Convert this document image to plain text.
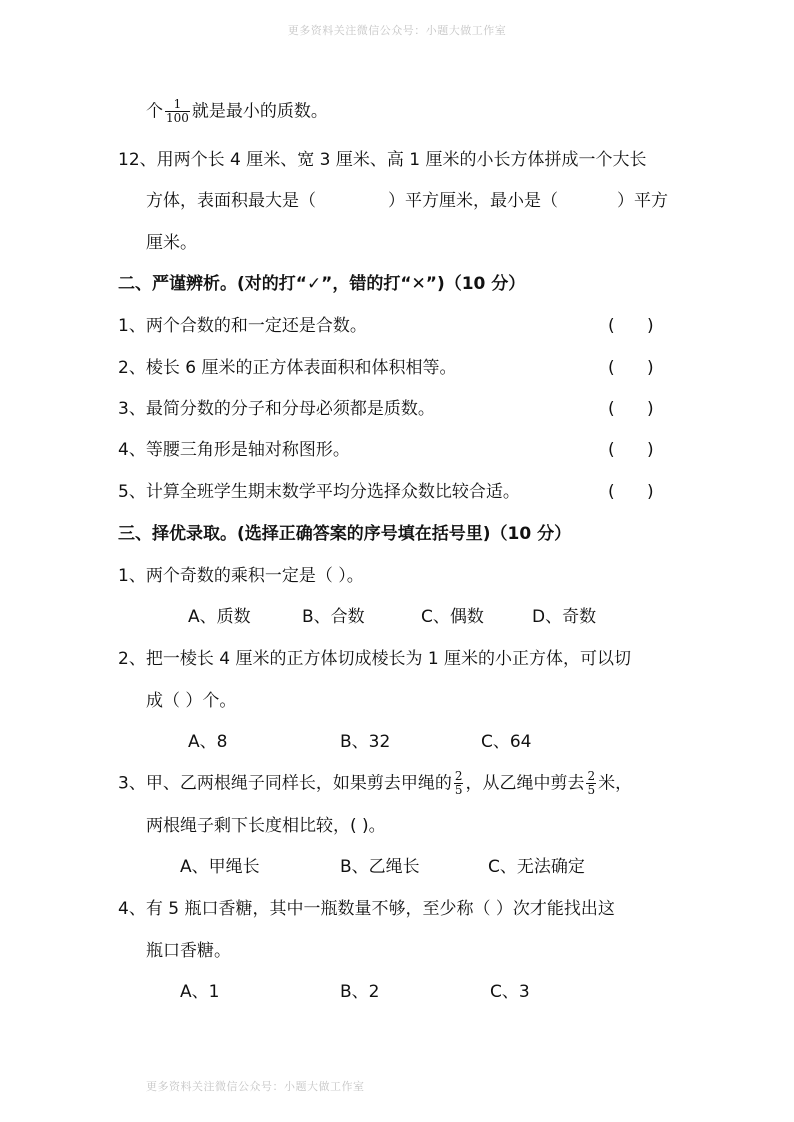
更多资料关注微信公众号：小题大做工作室
个 $\frac{1}{100}$ 就是最小的质数。
12、用两个长 4 厘米、宽 3 厘米、高 1 厘米的小长方体拼成一个大长
方体，表面积最大是（	）平方厘米，最小是（	）平方
厘米。
二、严谨辨析。(对的打“✓”，错的打“✕”)（10 分）
1、两个合数的和一定还是合数。	(      )
2、棱长 6 厘米的正方体表面积和体积相等。	(      )
3、最简分数的分子和分母必须都是质数。	(      )
4、等腰三角形是轴对称图形。	(      )
5、计算全班学生期末数学平均分选择众数比较合适。	(      )
三、择优录取。(选择正确答案的序号填在括号里)（10 分）
1、两个奇数的乘积一定是（ ）。
A、质数	B、合数	C、偶数	D、奇数
2、把一棱长 4 厘米的正方体切成棱长为 1 厘米的小正方体，可以切
成（ ）个。
A、8	B、32	C、64
3、甲、乙两根绳子同样长，如果剪去甲绳的 $\frac{2}{5}$ ，从乙绳中剪去 $\frac{2}{5}$ 米，
两根绳子剩下长度相比较，( )。
A、甲绳长	B、乙绳长	C、无法确定
4、有 5 瓶口香糖，其中一瓶数量不够，至少称（ ）次才能找出这
瓶口香糖。
A、1	B、2	C、3
更多资料关注微信公众号：小题大做工作室
